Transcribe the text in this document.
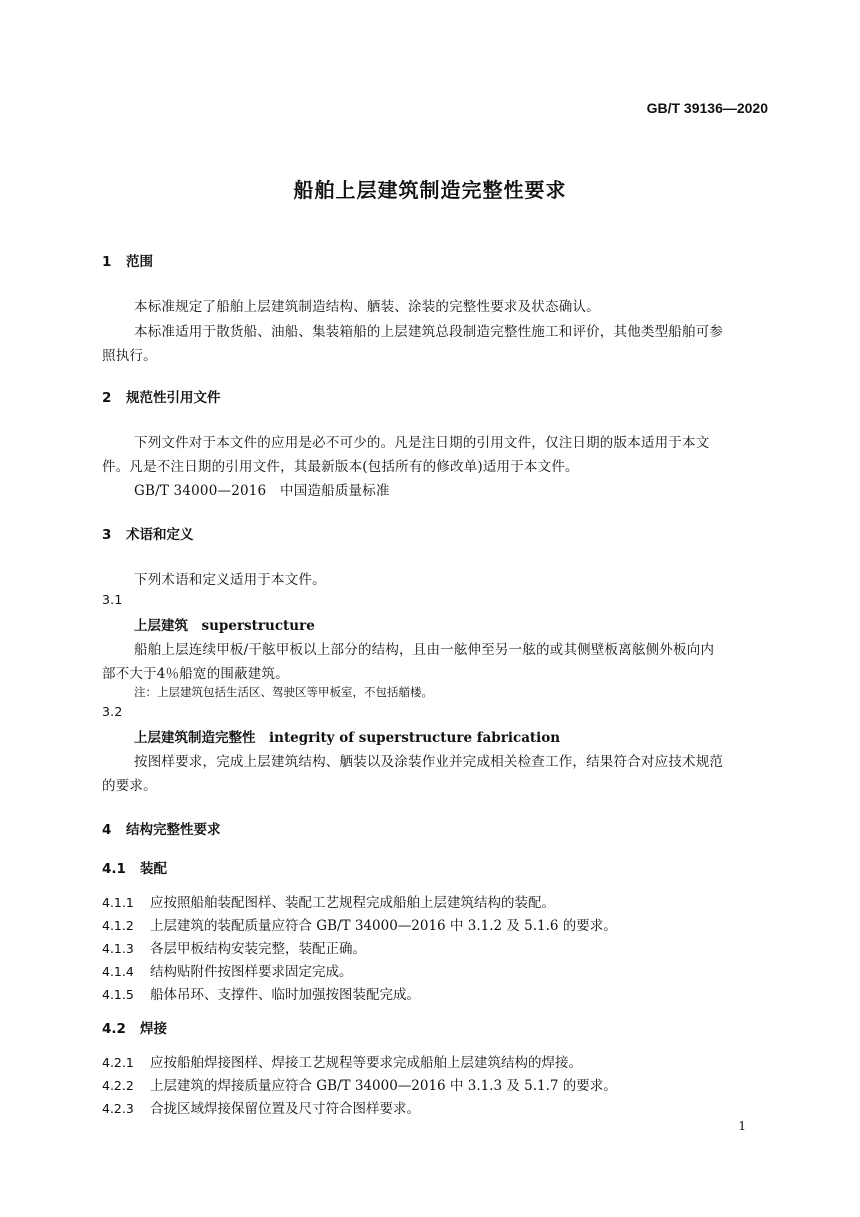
GB/T 39136—2020
船舶上层建筑制造完整性要求
1 范围
本标准规定了船舶上层建筑制造结构、舾装、涂装的完整性要求及状态确认。
本标准适用于散货船、油船、集装箱船的上层建筑总段制造完整性施工和评价，其他类型船舶可参
照执行。
2 规范性引用文件
下列文件对于本文件的应用是必不可少的。凡是注日期的引用文件，仅注日期的版本适用于本文
件。凡是不注日期的引用文件，其最新版本(包括所有的修改单)适用于本文件。
GB/T 34000—2016　中国造船质量标准
3 术语和定义
下列术语和定义适用于本文件。
3.1
上层建筑　superstructure
船舶上层连续甲板/干舷甲板以上部分的结构，且由一舷伸至另一舷的或其侧壁板离舷侧外板向内
部不大于4％船宽的围蔽建筑。
注：上层建筑包括生活区、驾驶区等甲板室，不包括艏楼。
3.2
上层建筑制造完整性　integrity of superstructure fabrication
按图样要求，完成上层建筑结构、舾装以及涂装作业并完成相关检查工作，结果符合对应技术规范
的要求。
4 结构完整性要求
4.1 装配
4.1.1 应按照船舶装配图样、装配工艺规程完成船舶上层建筑结构的装配。
4.1.2 上层建筑的装配质量应符合 GB/T 34000—2016 中 3.1.2 及 5.1.6 的要求。
4.1.3 各层甲板结构安装完整，装配正确。
4.1.4 结构贴附件按图样要求固定完成。
4.1.5 船体吊环、支撑件、临时加强按图装配完成。
4.2 焊接
4.2.1 应按船舶焊接图样、焊接工艺规程等要求完成船舶上层建筑结构的焊接。
4.2.2 上层建筑的焊接质量应符合 GB/T 34000—2016 中 3.1.3 及 5.1.7 的要求。
4.2.3 合拢区域焊接保留位置及尺寸符合图样要求。
1
